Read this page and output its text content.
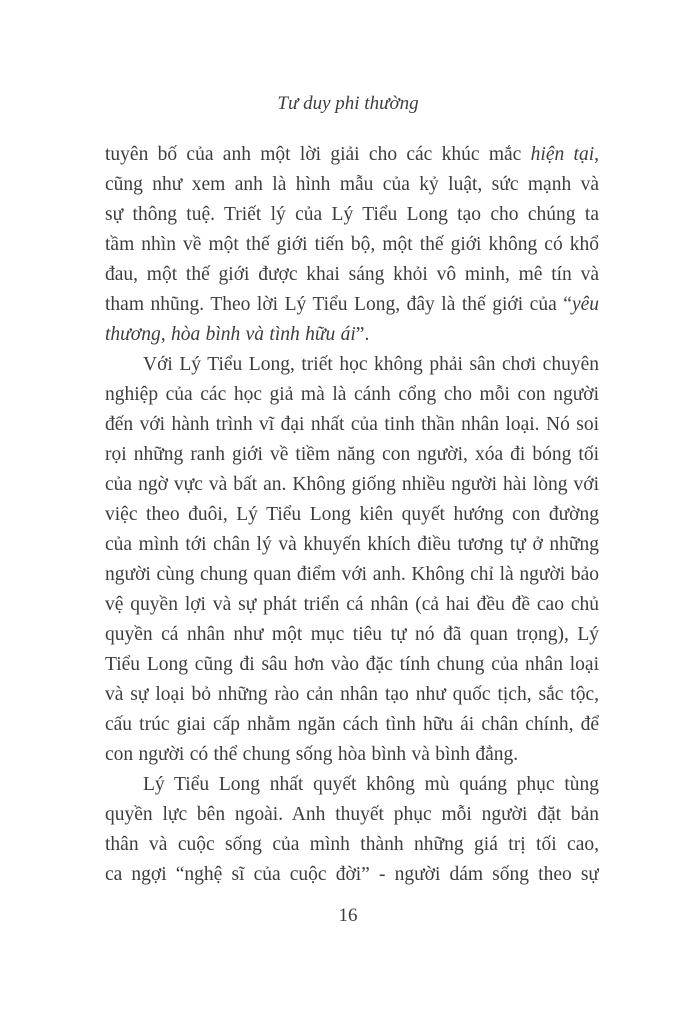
Tư duy phi thường
tuyên bố của anh một lời giải cho các khúc mắc hiện tại,
cũng như xem anh là hình mẫu của kỷ luật, sức mạnh và
sự thông tuệ. Triết lý của Lý Tiểu Long tạo cho chúng ta
tầm nhìn về một thế giới tiến bộ, một thế giới không có khổ
đau, một thế giới được khai sáng khỏi vô minh, mê tín và
tham nhũng. Theo lời Lý Tiểu Long, đây là thế giới của “yêu
thương, hòa bình và tình hữu ái”.
Với Lý Tiểu Long, triết học không phải sân chơi chuyên
nghiệp của các học giả mà là cánh cổng cho mỗi con người
đến với hành trình vĩ đại nhất của tinh thần nhân loại. Nó soi
rọi những ranh giới về tiềm năng con người, xóa đi bóng tối
của ngờ vực và bất an. Không giống nhiều người hài lòng với
việc theo đuôi, Lý Tiểu Long kiên quyết hướng con đường
của mình tới chân lý và khuyến khích điều tương tự ở những
người cùng chung quan điểm với anh. Không chỉ là người bảo
vệ quyền lợi và sự phát triển cá nhân (cả hai đều đề cao chủ
quyền cá nhân như một mục tiêu tự nó đã quan trọng), Lý
Tiểu Long cũng đi sâu hơn vào đặc tính chung của nhân loại
và sự loại bỏ những rào cản nhân tạo như quốc tịch, sắc tộc,
cấu trúc giai cấp nhằm ngăn cách tình hữu ái chân chính, để
con người có thể chung sống hòa bình và bình đẳng.
Lý Tiểu Long nhất quyết không mù quáng phục tùng
quyền lực bên ngoài. Anh thuyết phục mỗi người đặt bản
thân và cuộc sống của mình thành những giá trị tối cao,
ca ngợi “nghệ sĩ của cuộc đời” - người dám sống theo sự
16
